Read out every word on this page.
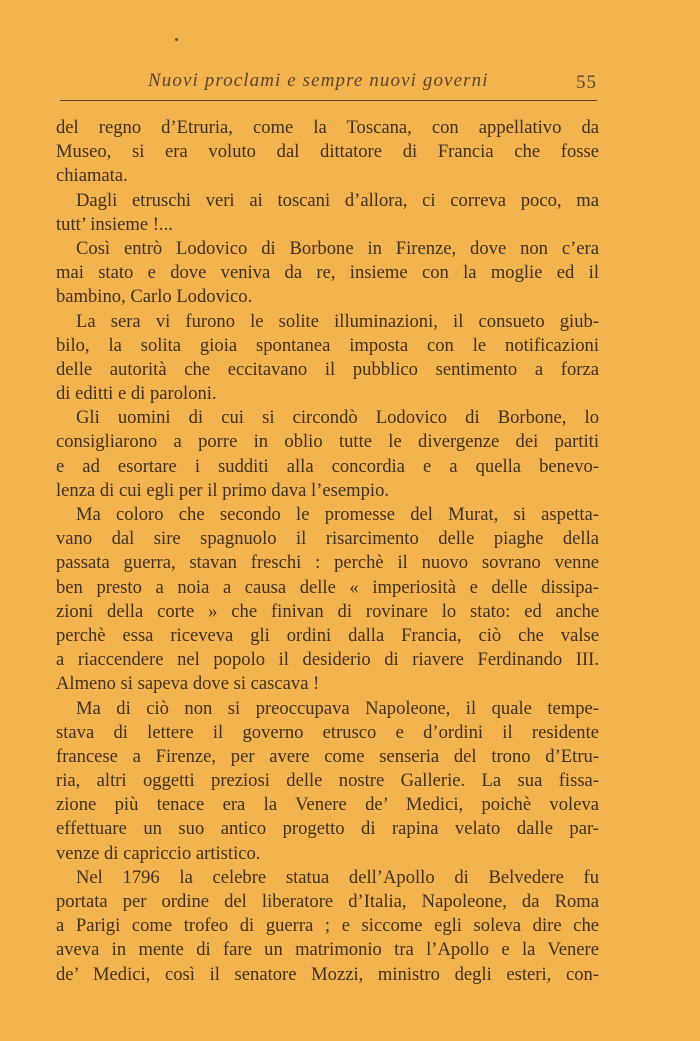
Nuovi proclami e sempre nuovi governi	55
del regno d’Etruria, come la Toscana, con appellativo da
Museo, si era voluto dal dittatore di Francia che fosse
chiamata.
Dagli etruschi veri ai toscani d’allora, ci correva poco, ma
tutt’ insieme !...
Così entrò Lodovico di Borbone in Firenze, dove non c’era
mai stato e dove veniva da re, insieme con la moglie ed il
bambino, Carlo Lodovico.
La sera vi furono le solite illuminazioni, il consueto giub-
bilo, la solita gioia spontanea imposta con le notificazioni
delle autorità che eccitavano il pubblico sentimento a forza
di editti e di paroloni.
Gli uomini di cui si circondò Lodovico di Borbone, lo
consigliarono a porre in oblio tutte le divergenze dei partiti
e ad esortare i sudditi alla concordia e a quella benevo-
lenza di cui egli per il primo dava l’esempio.
Ma coloro che secondo le promesse del Murat, si aspetta-
vano dal sire spagnuolo il risarcimento delle piaghe della
passata guerra, stavan freschi : perchè il nuovo sovrano venne
ben presto a noia a causa delle « imperiosità e delle dissipa-
zioni della corte » che finivan di rovinare lo stato: ed anche
perchè essa riceveva gli ordini dalla Francia, ciò che valse
a riaccendere nel popolo il desiderio di riavere Ferdinando III.
Almeno si sapeva dove si cascava !
Ma di ciò non si preoccupava Napoleone, il quale tempe-
stava di lettere il governo etrusco e d’ordini il residente
francese a Firenze, per avere come senseria del trono d’Etru-
ria, altri oggetti preziosi delle nostre Gallerie. La sua fissa-
zione più tenace era la Venere de’ Medici, poichè voleva
effettuare un suo antico progetto di rapina velato dalle par-
venze di capriccio artistico.
Nel 1796 la celebre statua dell’Apollo di Belvedere fu
portata per ordine del liberatore d’Italia, Napoleone, da Roma
a Parigi come trofeo di guerra ; e siccome egli soleva dire che
aveva in mente di fare un matrimonio tra l’Apollo e la Venere
de’ Medici, così il senatore Mozzi, ministro degli esteri, con-
